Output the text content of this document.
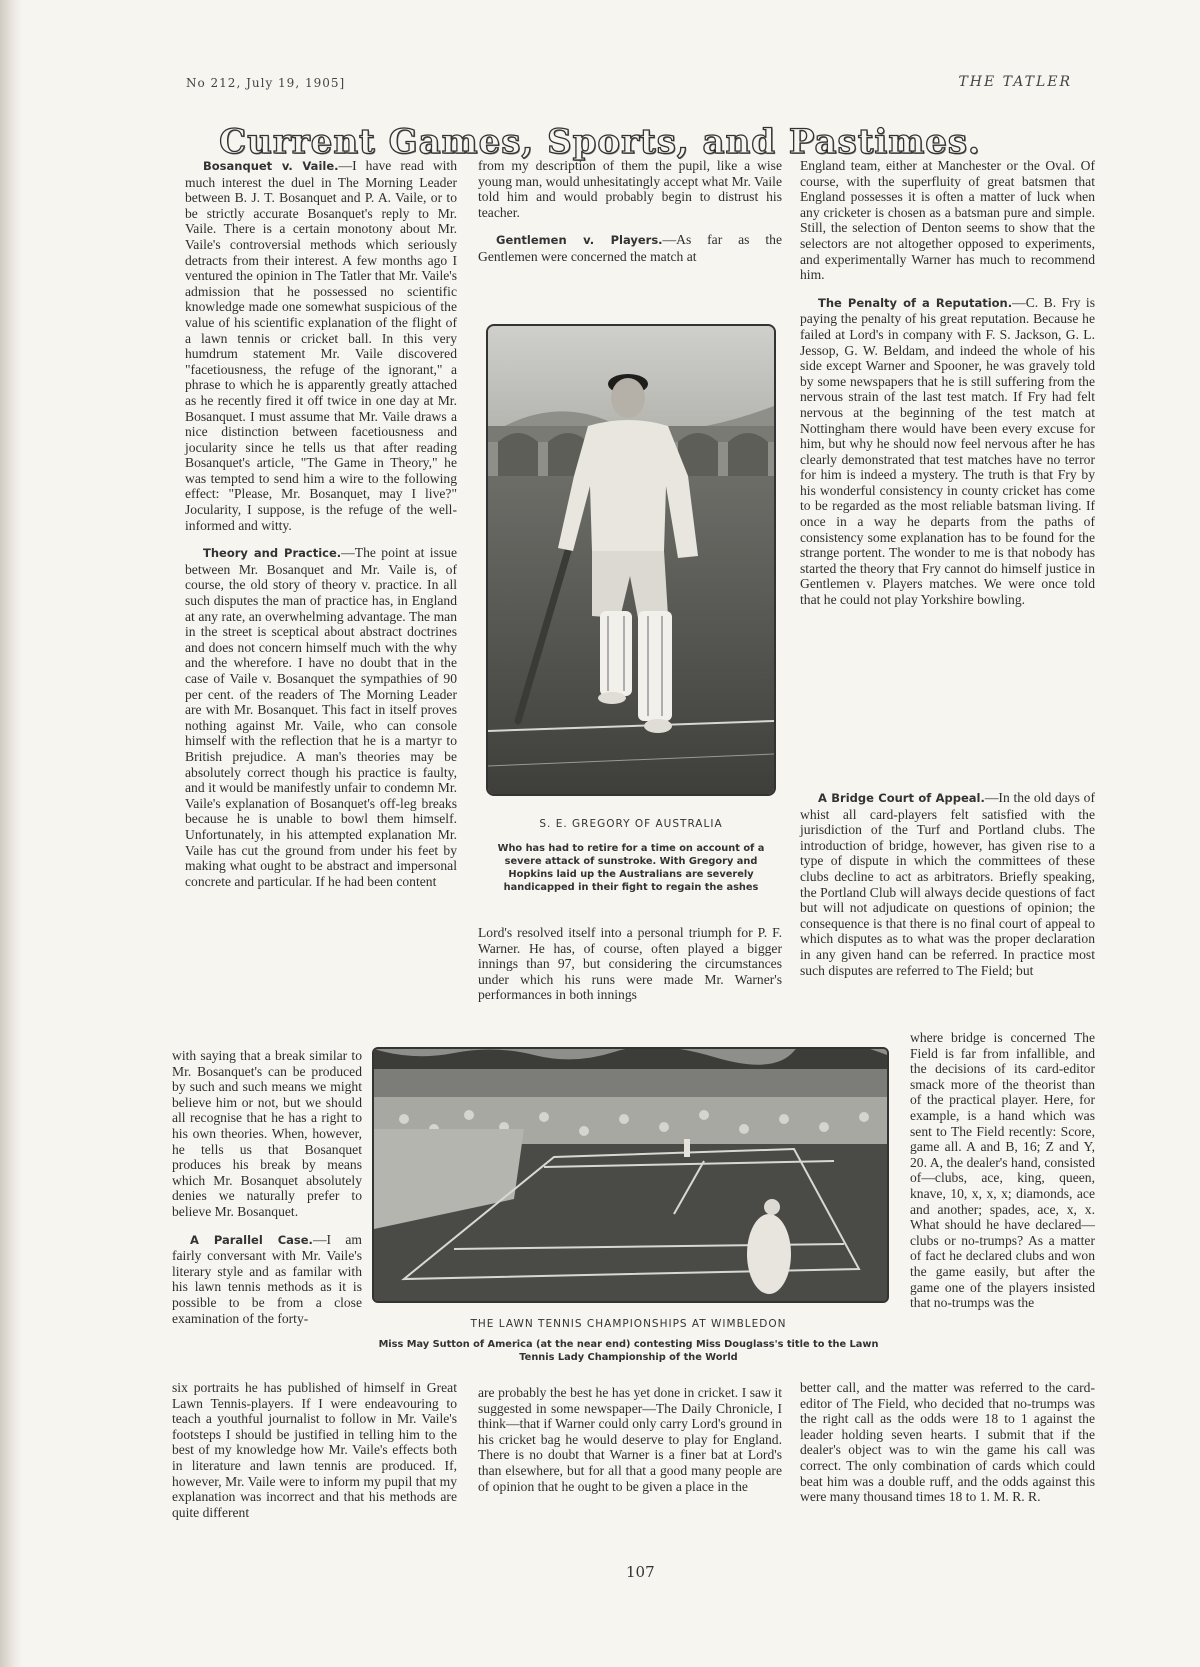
No 212, July 19, 1905]	THE TATLER
Current Games, Sports, and Pastimes.

Bosanquet v. Vaile.—I have read with much interest the duel in The Morning Leader between B. J. T. Bosanquet and P. A. Vaile, or to be strictly accurate Bosanquet's reply to Mr. Vaile. There is a certain monotony about Mr. Vaile's controversial methods which seriously detracts from their interest. A few months ago I ventured the opinion in The Tatler that Mr. Vaile's admission that he possessed no scientific knowledge made one somewhat suspicious of the value of his scientific explanation of the flight of a lawn tennis or cricket ball. In this very humdrum statement Mr. Vaile discovered "facetiousness, the refuge of the ignorant," a phrase to which he is apparently greatly attached as he recently fired it off twice in one day at Mr. Bosanquet. I must assume that Mr. Vaile draws a nice distinction between facetiousness and jocularity since he tells us that after reading Bosanquet's article, "The Game in Theory," he was tempted to send him a wire to the following effect: "Please, Mr. Bosanquet, may I live?" Jocularity, I suppose, is the refuge of the well-informed and witty.

Theory and Practice.—The point at issue between Mr. Bosanquet and Mr. Vaile is, of course, the old story of theory v. practice. In all such disputes the man of practice has, in England at any rate, an overwhelming advantage. The man in the street is sceptical about abstract doctrines and does not concern himself much with the why and the wherefore. I have no doubt that in the case of Vaile v. Bosanquet the sympathies of 90 per cent. of the readers of The Morning Leader are with Mr. Bosanquet. This fact in itself proves nothing against Mr. Vaile, who can console himself with the reflection that he is a martyr to British prejudice. A man's theories may be absolutely correct though his practice is faulty, and it would be manifestly unfair to condemn Mr. Vaile's explanation of Bosanquet's off-leg breaks because he is unable to bowl them himself. Unfortunately, in his attempted explanation Mr. Vaile has cut the ground from under his feet by making what ought to be abstract and impersonal concrete and particular. If he had been content

with saying that a break similar to Mr. Bosanquet's can be produced by such and such means we might believe him or not, but we should all recognise that he has a right to his own theories. When, however, he tells us that Bosanquet produces his break by means which Mr. Bosanquet absolutely denies we naturally prefer to believe Mr. Bosanquet.

A Parallel Case.—I am fairly conversant with Mr. Vaile's literary style and as familar with his lawn tennis methods as it is possible to be from a close examination of the forty-

six portraits he has published of himself in Great Lawn Tennis-players. If I were endeavouring to teach a youthful journalist to follow in Mr. Vaile's footsteps I should be justified in telling him to the best of my knowledge how Mr. Vaile's effects both in literature and lawn tennis are produced. If, however, Mr. Vaile were to inform my pupil that my explanation was incorrect and that his methods are quite different

from my description of them the pupil, like a wise young man, would unhesitatingly accept what Mr. Vaile told him and would probably begin to distrust his teacher.

Gentlemen v. Players.—As far as the Gentlemen were concerned the match at

S. E. GREGORY OF AUSTRALIA
Who has had to retire for a time on account of a severe attack of sunstroke. With Gregory and Hopkins laid up the Australians are severely handicapped in their fight to regain the ashes

Lord's resolved itself into a personal triumph for P. F. Warner. He has, of course, often played a bigger innings than 97, but considering the circumstances under which his runs were made Mr. Warner's performances in both innings

are probably the best he has yet done in cricket. I saw it suggested in some newspaper—The Daily Chronicle, I think—that if Warner could only carry Lord's ground in his cricket bag he would deserve to play for England. There is no doubt that Warner is a finer bat at Lord's than elsewhere, but for all that a good many people are of opinion that he ought to be given a place in the

England team, either at Manchester or the Oval. Of course, with the superfluity of great batsmen that England possesses it is often a matter of luck when any cricketer is chosen as a batsman pure and simple. Still, the selection of Denton seems to show that the selectors are not altogether opposed to experiments, and experimentally Warner has much to recommend him.

The Penalty of a Reputation.—C. B. Fry is paying the penalty of his great reputation. Because he failed at Lord's in company with F. S. Jackson, G. L. Jessop, G. W. Beldam, and indeed the whole of his side except Warner and Spooner, he was gravely told by some newspapers that he is still suffering from the nervous strain of the last test match. If Fry had felt nervous at the beginning of the test match at Nottingham there would have been every excuse for him, but why he should now feel nervous after he has clearly demonstrated that test matches have no terror for him is indeed a mystery. The truth is that Fry by his wonderful consistency in county cricket has come to be regarded as the most reliable batsman living. If once in a way he departs from the paths of consistency some explanation has to be found for the strange portent. The wonder to me is that nobody has started the theory that Fry cannot do himself justice in Gentlemen v. Players matches. We were once told that he could not play Yorkshire bowling.

A Bridge Court of Appeal.—In the old days of whist all card-players felt satisfied with the jurisdiction of the Turf and Portland clubs. The introduction of bridge, however, has given rise to a type of dispute in which the committees of these clubs decline to act as arbitrators. Briefly speaking, the Portland Club will always decide questions of fact but will not adjudicate on questions of opinion; the consequence is that there is no final court of appeal to which disputes as to what was the proper declaration in any given hand can be referred. In practice most such disputes are referred to The Field; but

where bridge is concerned The Field is far from infallible, and the decisions of its card-editor smack more of the theorist than of the practical player. Here, for example, is a hand which was sent to The Field recently: Score, game all. A and B, 16; Z and Y, 20. A, the dealer's hand, consisted of—clubs, ace, king, queen, knave, 10, x, x, x; diamonds, ace and another; spades, ace, x, x. What should he have declared—clubs or no-trumps? As a matter of fact he declared clubs and won the game easily, but after the game one of the players insisted that no-trumps was the

better call, and the matter was referred to the card-editor of The Field, who decided that no-trumps was the right call as the odds were 18 to 1 against the leader holding seven hearts. I submit that if the dealer's object was to win the game his call was correct. The only combination of cards which could beat him was a double ruff, and the odds against this were many thousand times 18 to 1. M. R. R.

THE LAWN TENNIS CHAMPIONSHIPS AT WIMBLEDON
Miss May Sutton of America (at the near end) contesting Miss Douglass's title to the Lawn Tennis Lady Championship of the World
107
